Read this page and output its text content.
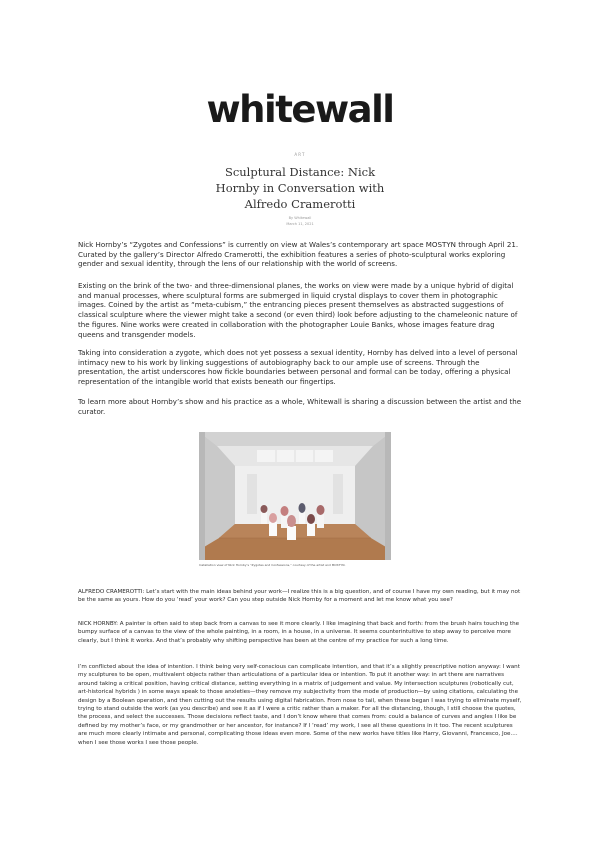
whitewall
ART
Sculptural Distance: Nick
Hornby in Conversation with
Alfredo Cramerotti
By Whitewall
March 11, 2021

Nick Hornby’s “Zygotes and Confessions” is currently on view at Wales’s contemporary art space MOSTYN through April 21. Curated by the gallery’s Director Alfredo Cramerotti, the exhibition features a series of photo-sculptural works exploring gender and sexual identity, through the lens of our relationship with the world of screens.

Existing on the brink of the two- and three-dimensional planes, the works on view were made by a unique hybrid of digital and manual processes, where sculptural forms are submerged in liquid crystal displays to cover them in photographic images. Coined by the artist as “meta-cubism,” the entrancing pieces present themselves as abstracted suggestions of classical sculpture where the viewer might take a second (or even third) look before adjusting to the chameleonic nature of the figures. Nine works were created in collaboration with the photographer Louie Banks, whose images feature drag queens and transgender models.

Taking into consideration a zygote, which does not yet possess a sexual identity, Hornby has delved into a level of personal intimacy new to his work by linking suggestions of autobiography back to our ample use of screens. Through the presentation, the artist underscores how fickle boundaries between personal and formal can be today, offering a physical representation of the intangible world that exists beneath our fingertips.

To learn more about Hornby’s show and his practice as a whole, Whitewall is sharing a discussion between the artist and the curator.

Installation view of Nick Hornby’s “Zygotes and Confessions,” courtesy of the artist and MOSTYN.

ALFREDO CRAMEROTTI: Let’s start with the main ideas behind your work—I realize this is a big question, and of course I have my own reading, but it may not be the same as yours. How do you ‘read’ your work? Can you step outside Nick Hornby for a moment and let me know what you see?

NICK HORNBY: A painter is often said to step back from a canvas to see it more clearly. I like imagining that back and forth: from the brush hairs touching the bumpy surface of a canvas to the view of the whole painting, in a room, in a house, in a universe. It seems counterintuitive to step away to perceive more clearly, but I think it works. And that’s probably why shifting perspective has been at the centre of my practice for such a long time.

I’m conflicted about the idea of intention. I think being very self-conscious can complicate intention, and that it’s a slightly prescriptive notion anyway: I want my sculptures to be open, multivalent objects rather than articulations of a particular idea or intention. To put it another way: in art there are narratives around taking a critical position, having critical distance, setting everything in a matrix of judgement and value. My intersection sculptures (robotically cut, art-historical hybrids ) in some ways speak to those anxieties—they remove my subjectivity from the mode of production—by using citations, calculating the design by a Boolean operation, and then cutting out the results using digital fabrication. From nose to tail, when these began I was trying to eliminate myself, trying to stand outside the work (as you describe) and see it as if I were a critic rather than a maker. For all the distancing, though, I still choose the quotes, the process, and select the successes. Those decisions reflect taste, and I don’t know where that comes from: could a balance of curves and angles I like be defined by my mother’s face, or my grandmother or her ancestor, for instance? If I ‘read’ my work, I see all these questions in it too. The recent sculptures are much more clearly intimate and personal, complicating those ideas even more. Some of the new works have titles like Harry, Giovanni, Francesco, Joe.... when I see those works I see those people.
